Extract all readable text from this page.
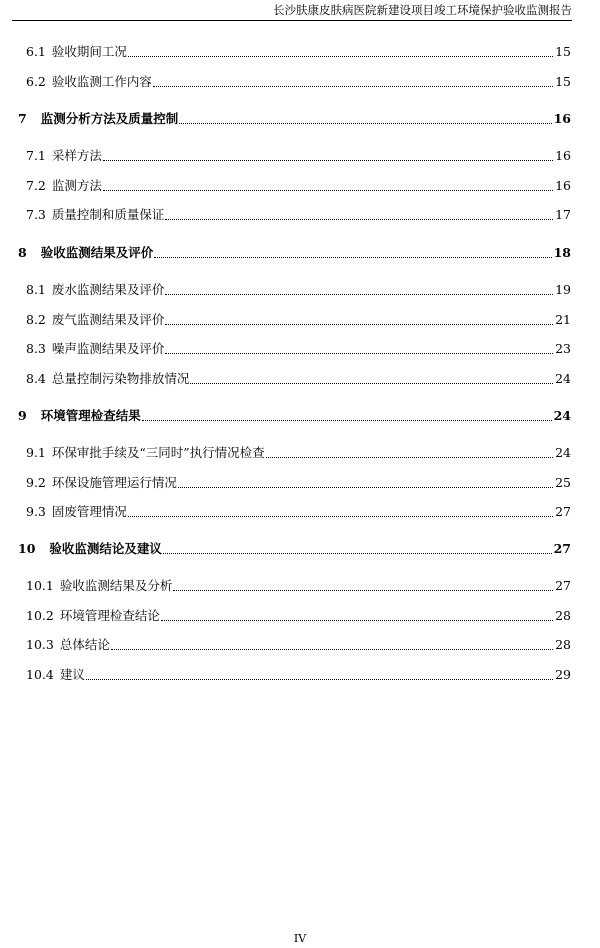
长沙肤康皮肤病医院新建设项目竣工环境保护验收监测报告
6.1 验收期间工况	15
6.2 验收监测工作内容	15
7 监测分析方法及质量控制	16
7.1 采样方法	16
7.2 监测方法	16
7.3 质量控制和质量保证	17
8 验收监测结果及评价	18
8.1 废水监测结果及评价	19
8.2 废气监测结果及评价	21
8.3 噪声监测结果及评价	23
8.4 总量控制污染物排放情况	24
9 环境管理检查结果	24
9.1 环保审批手续及“三同时”执行情况检查	24
9.2 环保设施管理运行情况	25
9.3 固废管理情况	27
10 验收监测结论及建议	27
10.1 验收监测结果及分析	27
10.2 环境管理检查结论	28
10.3 总体结论	28
10.4 建议	29
IV
